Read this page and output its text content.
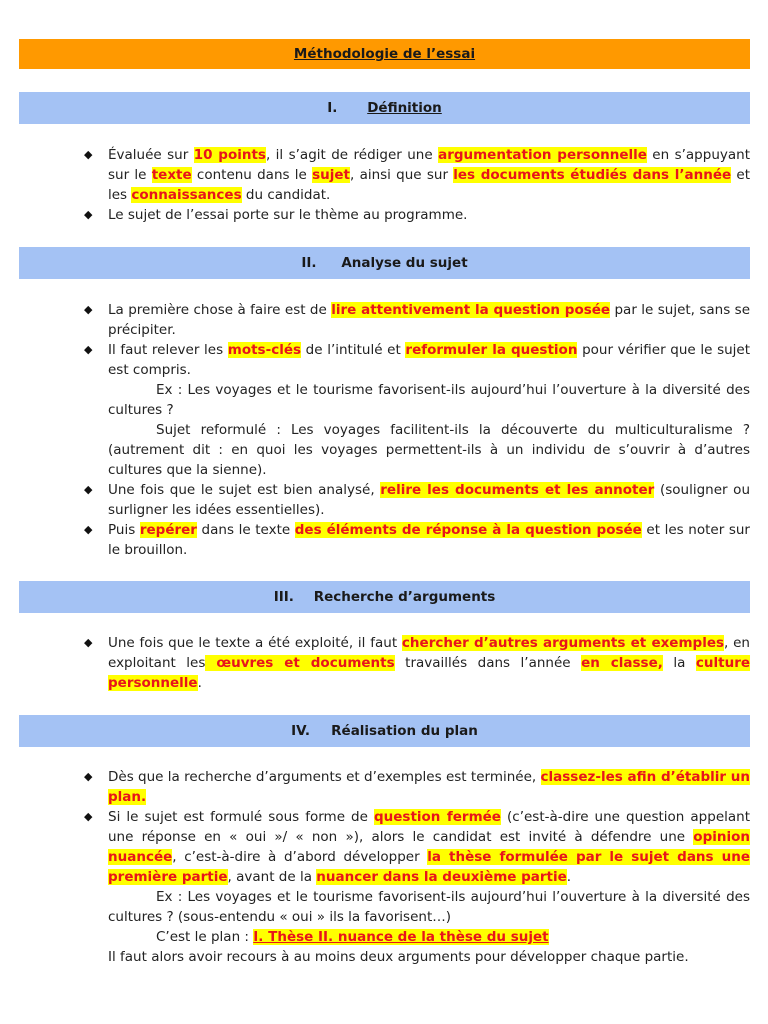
Méthodologie de l’essai
I.	Définition
◆ Évaluée sur 10 points, il s’agit de rédiger une argumentation personnelle en s’appuyant sur le texte contenu dans le sujet, ainsi que sur les documents étudiés dans l’année et les connaissances du candidat.
◆ Le sujet de l’essai porte sur le thème au programme.
II.	Analyse du sujet
◆ La première chose à faire est de lire attentivement la question posée par le sujet, sans se précipiter.
◆ Il faut relever les mots-clés de l’intitulé et reformuler la question pour vérifier que le sujet est compris.
Ex : Les voyages et le tourisme favorisent-ils aujourd’hui l’ouverture à la diversité des cultures ?
Sujet reformulé : Les voyages facilitent-ils la découverte du multiculturalisme ? (autrement dit : en quoi les voyages permettent-ils à un individu de s’ouvrir à d’autres cultures que la sienne).
◆ Une fois que le sujet est bien analysé, relire les documents et les annoter (souligner ou surligner les idées essentielles).
◆ Puis repérer dans le texte des éléments de réponse à la question posée et les noter sur le brouillon.
III.	Recherche d’arguments
◆ Une fois que le texte a été exploité, il faut chercher d’autres arguments et exemples, en exploitant les œuvres et documents travaillés dans l’année en classe, la culture personnelle.
IV.	Réalisation du plan
◆ Dès que la recherche d’arguments et d’exemples est terminée, classez-les afin d’établir un plan.
◆ Si le sujet est formulé sous forme de question fermée (c’est-à-dire une question appelant une réponse en « oui »/ « non »), alors le candidat est invité à défendre une opinion nuancée, c’est-à-dire à d’abord développer la thèse formulée par le sujet dans une première partie, avant de la nuancer dans la deuxième partie.
Ex : Les voyages et le tourisme favorisent-ils aujourd’hui l’ouverture à la diversité des cultures ? (sous-entendu « oui » ils la favorisent…)
C’est le plan : I. Thèse II. nuance de la thèse du sujet
Il faut alors avoir recours à au moins deux arguments pour développer chaque partie.
